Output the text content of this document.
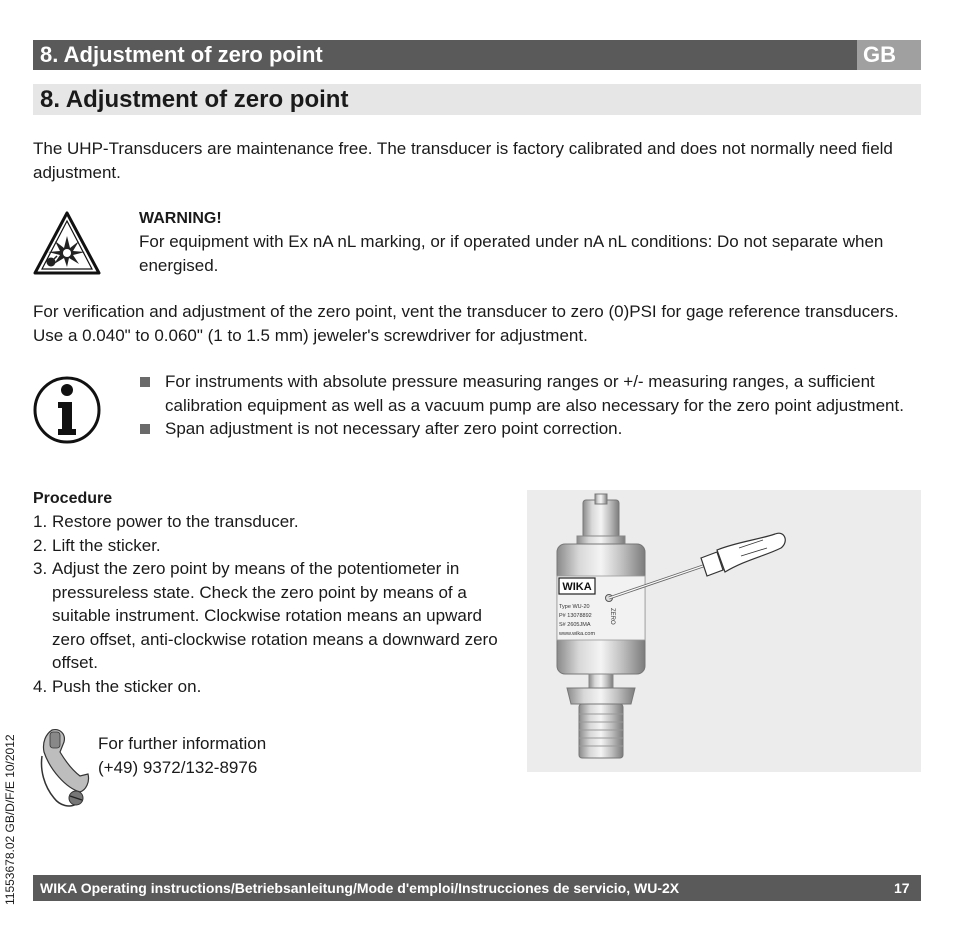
8. Adjustment of zero point	GB
8. Adjustment of zero point
The UHP-Transducers are maintenance free. The transducer is factory calibrated and does not normally need field adjustment.
WARNING!
For equipment with Ex nA nL marking, or if operated under nA nL conditions: Do not separate when energised.
For verification and adjustment of the zero point, vent the transducer to zero (0)PSI for gage reference transducers. Use a 0.040" to 0.060" (1 to 1.5 mm) jeweler's screwdriver for adjustment.
For instruments with absolute pressure measuring ranges or +/- measuring ranges, a sufficient calibration equipment as well as a vacuum pump are also necessary for the zero point adjustment.
Span adjustment is not necessary after zero point correction.
Procedure
1. Restore power to the transducer.
2. Lift the sticker.
3. Adjust the zero point by means of the potentiometer in pressureless state. Check the zero point by means of a suitable instrument. Clockwise rotation means an upward zero offset, anti-clockwise rotation means a downward zero offset.
4. Push the sticker on.
WIKA
Type WU-20
P# 13078892
S# 2605JMA
www.wika.com
ZERO
For further information
(+49) 9372/132-8976
11553678.02 GB/D/F/E 10/2012 WIKA Operating instructions/Betriebsanleitung/Mode d'emploi/Instrucciones de servicio, WU-2X	17
